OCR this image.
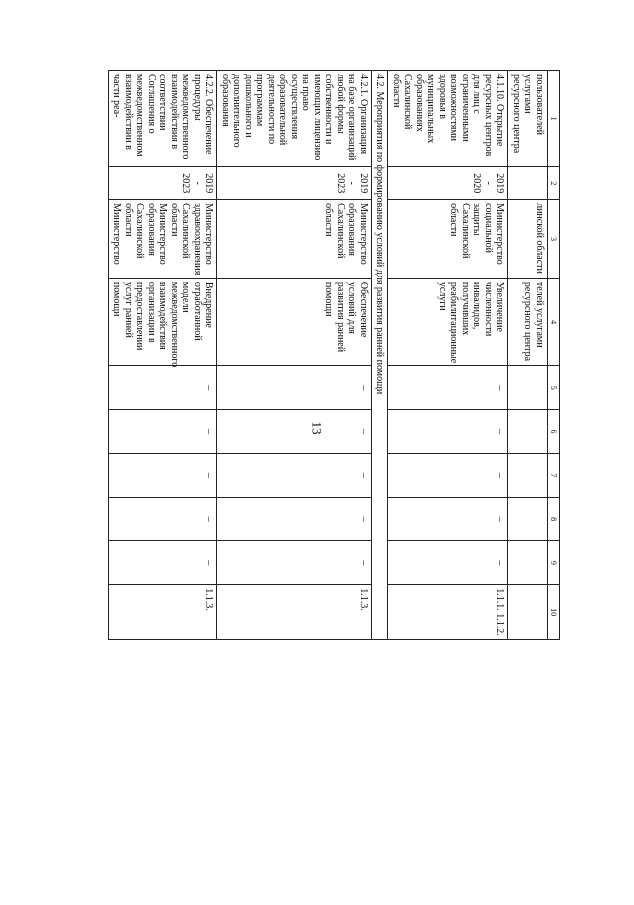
13
1	2	3	4	5	6	7	8	9	10
пользователей услугами ресурсного центра		линской области	телей услугами ресурсного центра						
4.1.10. Открытие ресурсных центров для лиц с ограниченными возможностями здоровья в муниципальных образованиях Сахалинской области	2019 - 2020	Министерство социальной защиты Сахалинской области	Увеличение численности инвалидов, получивших реабилитационные услуги	–	–	–	–	–	1.1.1. 1.1.2.
4.2. Мероприятия по формированию условий для развития ранней помощи									
4.2.1. Организация на базе организаций любой формы собственности и имеющих лицензию на право осуществления образовательной деятельности по программам дошкольного и дополнительного образования	2019 - 2023	Министерство образования Сахалинской области	Обеспечение условий для развития ранней помощи	–	–	–	–	–	1.1.3.
4.2.2. Обеспечение процедуры межведомственного взаимодействия в соответствии Соглашения о межведомственном взаимодействии в части реа-	2019 - 2023	Министерство здравоохранения Сахалинской области Министерство образования Сахалинской области Министерство	Внедрение отработанной модели межведомственного взаимодействия организации в предоставлении услуг ранней помощи	–	–	–	–	–	1.1.3.
